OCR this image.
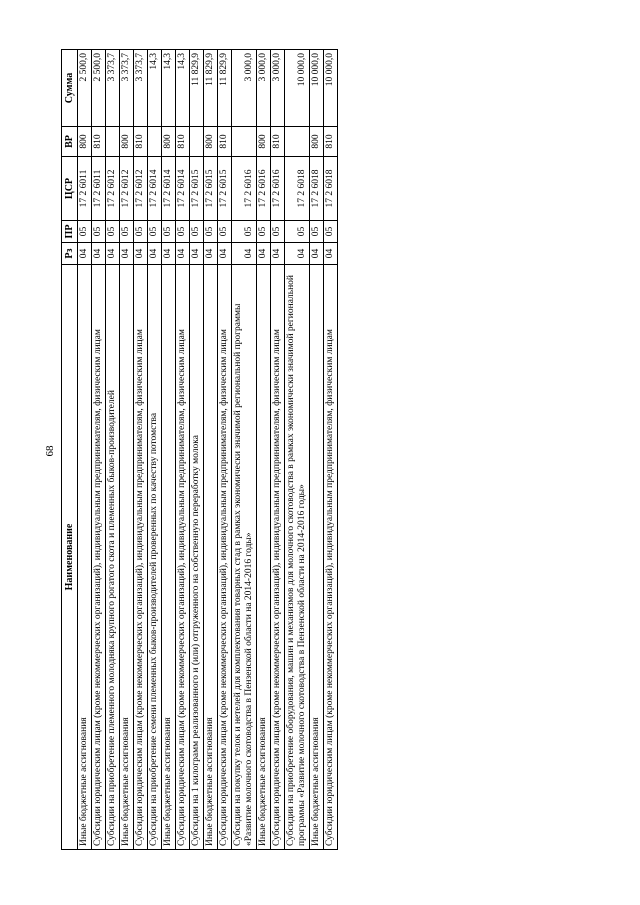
68
Наименование	Рз	ПР	ЦСР	ВР	Сумма
Иные бюджетные ассигнования	04	05	17 2 6011	800	2 500,0
Субсидии юридическим лицам (кроме некоммерческих организаций), индивидуальным предпринимателям, физическим лицам	04	05	17 2 6011	810	2 500,0
Субсидии на приобретение племенного молодняка крупного рогатого скота и племенных быков-производителей	04	05	17 2 6012		3 373,7
Иные бюджетные ассигнования	04	05	17 2 6012	800	3 373,7
Субсидии юридическим лицам (кроме некоммерческих организаций), индивидуальным предпринимателям, физическим лицам	04	05	17 2 6012	810	3 373,7
Субсидии на приобретение семени племенных быков-производителей проверенных по качеству потомства	04	05	17 2 6014		14,3
Иные бюджетные ассигнования	04	05	17 2 6014	800	14,3
Субсидии юридическим лицам (кроме некоммерческих организаций), индивидуальным предпринимателям, физическим лицам	04	05	17 2 6014	810	14,3
Субсидии на 1 килограмм реализованного и (или) отгруженного на собственную переработку молока	04	05	17 2 6015		11 829,9
Иные бюджетные ассигнования	04	05	17 2 6015	800	11 829,9
Субсидии юридическим лицам (кроме некоммерческих организаций), индивидуальным предпринимателям, физическим лицам	04	05	17 2 6015	810	11 829,9
Субсидии на покупку телок и нетелей для комплектования товарных стад в рамках экономически значимой региональной программы «Развитие молочного скотоводства в Пензенской области на 2014-2016 годы»	04	05	17 2 6016		3 000,0
Иные бюджетные ассигнования	04	05	17 2 6016	800	3 000,0
Субсидии юридическим лицам (кроме некоммерческих организаций), индивидуальным предпринимателям, физическим лицам	04	05	17 2 6016	810	3 000,0
Субсидии на приобретение оборудования, машин и механизмов для молочного скотоводства в рамках экономически значимой региональной программы «Развитие молочного скотоводства в Пензенской области на 2014-2016 годы»	04	05	17 2 6018		10 000,0
Иные бюджетные ассигнования	04	05	17 2 6018	800	10 000,0
Субсидии юридическим лицам (кроме некоммерческих организаций), индивидуальным предпринимателям, физическим лицам	04	05	17 2 6018	810	10 000,0
